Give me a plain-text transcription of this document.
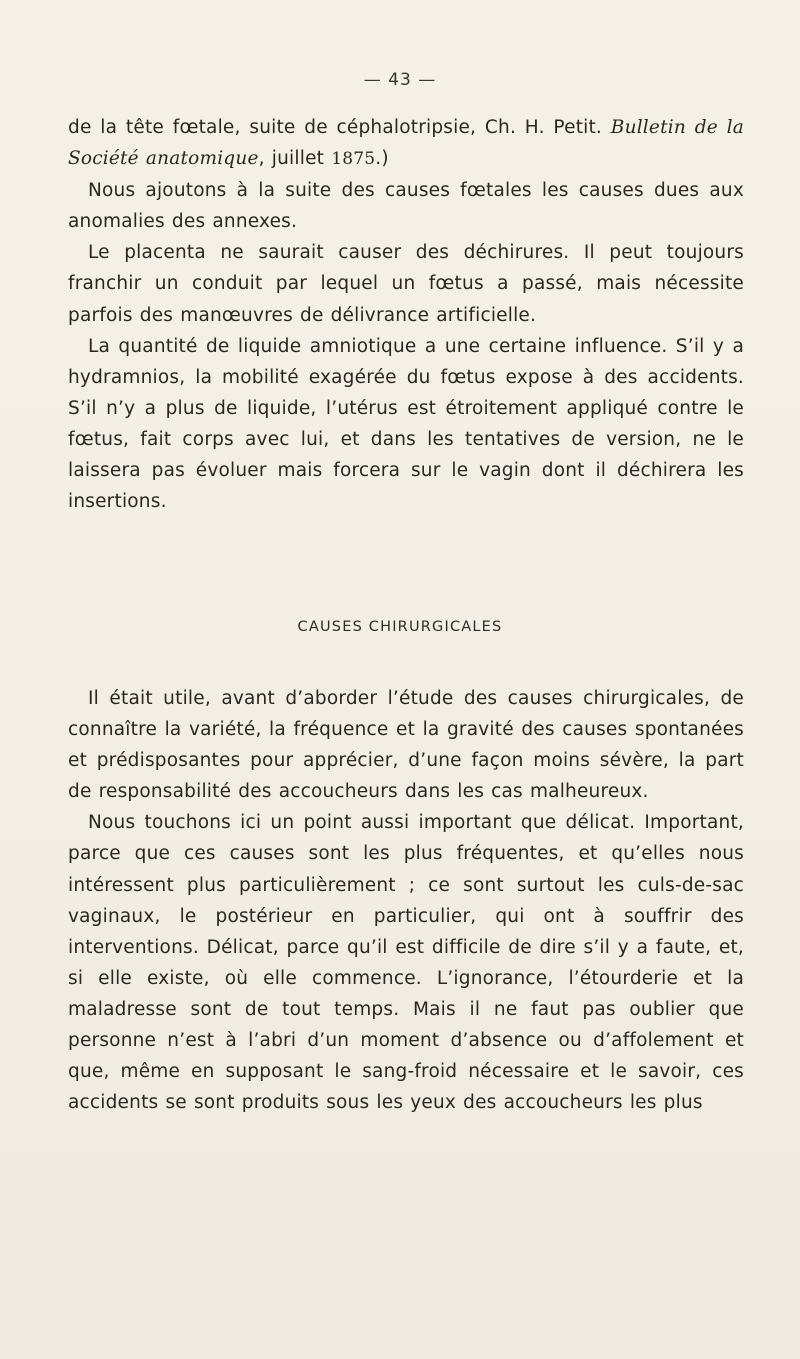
— 43 —

de la tête fœtale, suite de céphalotripsie, Ch. H. Petit. Bulletin de la Société anatomique, juillet 1875.)

Nous ajoutons à la suite des causes fœtales les causes dues aux anomalies des annexes.

Le placenta ne saurait causer des déchirures. Il peut toujours franchir un conduit par lequel un fœtus a passé, mais nécessite parfois des manœuvres de délivrance artificielle.

La quantité de liquide amniotique a une certaine influence. S’il y a hydramnios, la mobilité exagérée du fœtus expose à des accidents. S’il n’y a plus de liquide, l’utérus est étroitement appliqué contre le fœtus, fait corps avec lui, et dans les tentatives de version, ne le laissera pas évoluer mais forcera sur le vagin dont il déchirera les insertions.

CAUSES CHIRURGICALES

Il était utile, avant d’aborder l’étude des causes chirurgicales, de connaître la variété, la fréquence et la gravité des causes spontanées et prédisposantes pour apprécier, d’une façon moins sévère, la part de responsabilité des accoucheurs dans les cas malheureux.

Nous touchons ici un point aussi important que délicat. Important, parce que ces causes sont les plus fréquentes, et qu’elles nous intéressent plus particulièrement ; ce sont surtout les culs-de-sac vaginaux, le postérieur en particulier, qui ont à souffrir des interventions. Délicat, parce qu’il est difficile de dire s’il y a faute, et, si elle existe, où elle commence. L’ignorance, l’étourderie et la maladresse sont de tout temps. Mais il ne faut pas oublier que personne n’est à l’abri d’un moment d’absence ou d’affolement et que, même en supposant le sang-froid nécessaire et le savoir, ces accidents se sont produits sous les yeux des accoucheurs les plus
